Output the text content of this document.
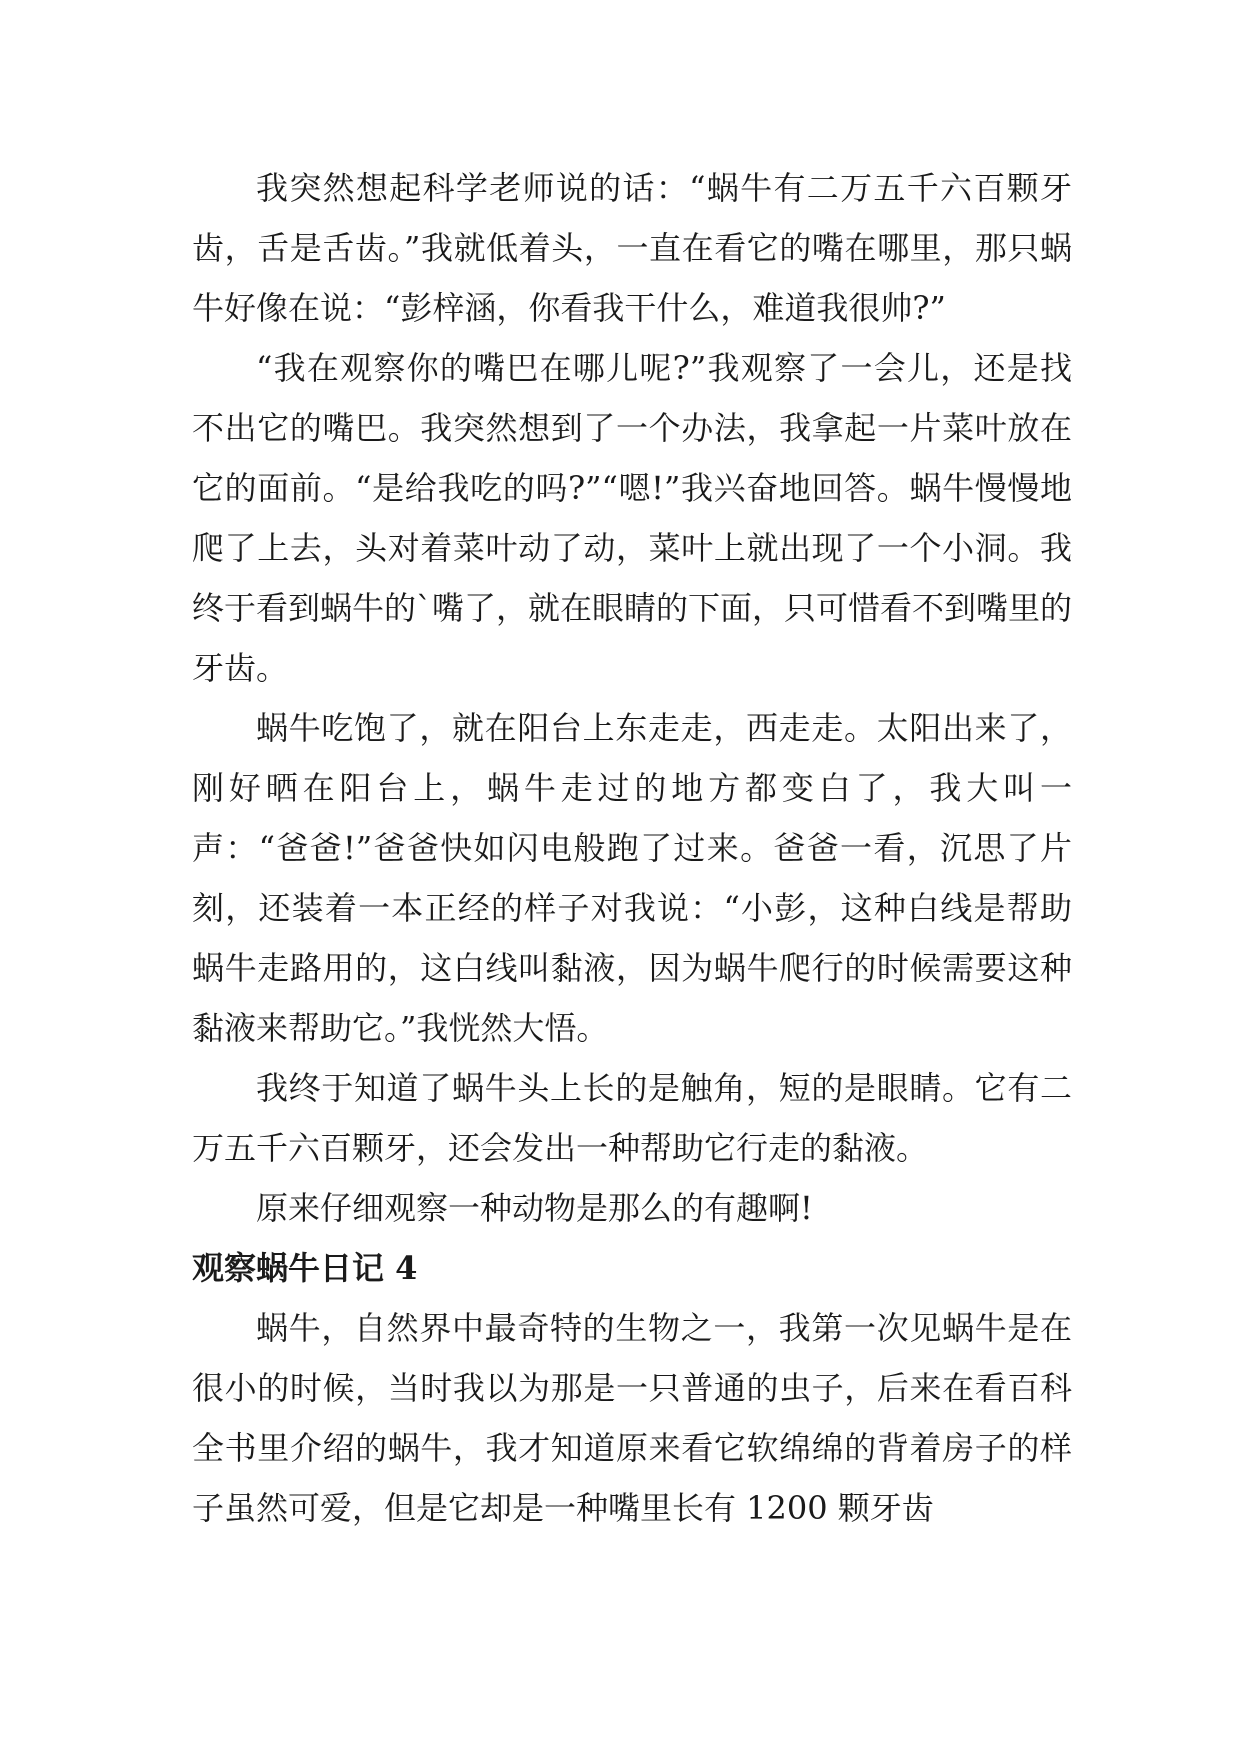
我突然想起科学老师说的话：“蜗牛有二万五千六百颗牙齿，舌是舌齿。”我就低着头，一直在看它的嘴在哪里，那只蜗牛好像在说：“彭梓涵，你看我干什么，难道我很帅?”

“我在观察你的嘴巴在哪儿呢?”我观察了一会儿，还是找不出它的嘴巴。我突然想到了一个办法，我拿起一片菜叶放在它的面前。“是给我吃的吗?”“嗯!”我兴奋地回答。蜗牛慢慢地爬了上去，头对着菜叶动了动，菜叶上就出现了一个小洞。我终于看到蜗牛的`嘴了，就在眼睛的下面，只可惜看不到嘴里的牙齿。

蜗牛吃饱了，就在阳台上东走走，西走走。太阳出来了，刚好晒在阳台上，蜗牛走过的地方都变白了，我大叫一声：“爸爸!”爸爸快如闪电般跑了过来。爸爸一看，沉思了片刻，还装着一本正经的样子对我说：“小彭，这种白线是帮助蜗牛走路用的，这白线叫黏液，因为蜗牛爬行的时候需要这种黏液来帮助它。”我恍然大悟。

我终于知道了蜗牛头上长的是触角，短的是眼睛。它有二万五千六百颗牙，还会发出一种帮助它行走的黏液。

原来仔细观察一种动物是那么的有趣啊!

观察蜗牛日记 4

蜗牛，自然界中最奇特的生物之一，我第一次见蜗牛是在很小的时候，当时我以为那是一只普通的虫子，后来在看百科全书里介绍的蜗牛，我才知道原来看它软绵绵的背着房子的样子虽然可爱，但是它却是一种嘴里长有 1200 颗牙齿
